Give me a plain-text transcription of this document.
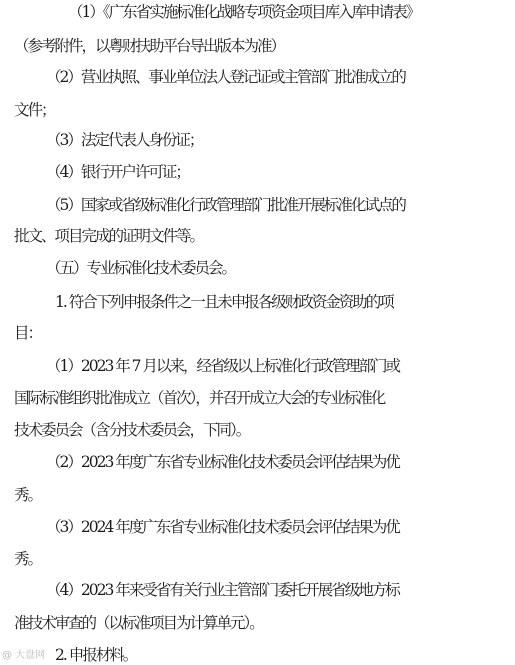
（1）《广东省实施标准化战略专项资金项目库入库申请表》
（参考附件，以粤财扶助平台导出版本为准）
（2）营业执照、事业单位法人登记证或主管部门批准成立的
文件；
（3）法定代表人身份证；
（4）银行开户许可证；
（5）国家或省级标准化行政管理部门批准开展标准化试点的
批文、项目完成的证明文件等。
（五）专业标准化技术委员会。
1. 符合下列申报条件之一且未申报各级财政资金资助的项
目：
（1）2023 年 7 月以来，经省级以上标准化行政管理部门或
国际标准组织批准成立（首次），并召开成立大会的专业标准化
技术委员会（含分技术委员会，下同）。
（2）2023 年度广东省专业标准化技术委员会评估结果为优
秀。
（3）2024 年度广东省专业标准化技术委员会评估结果为优
秀。
（4）2023 年来受省有关行业主管部门委托开展省级地方标
准技术审查的（以标准项目为计算单元）。
2. 申报材料。
@ 大盘网
